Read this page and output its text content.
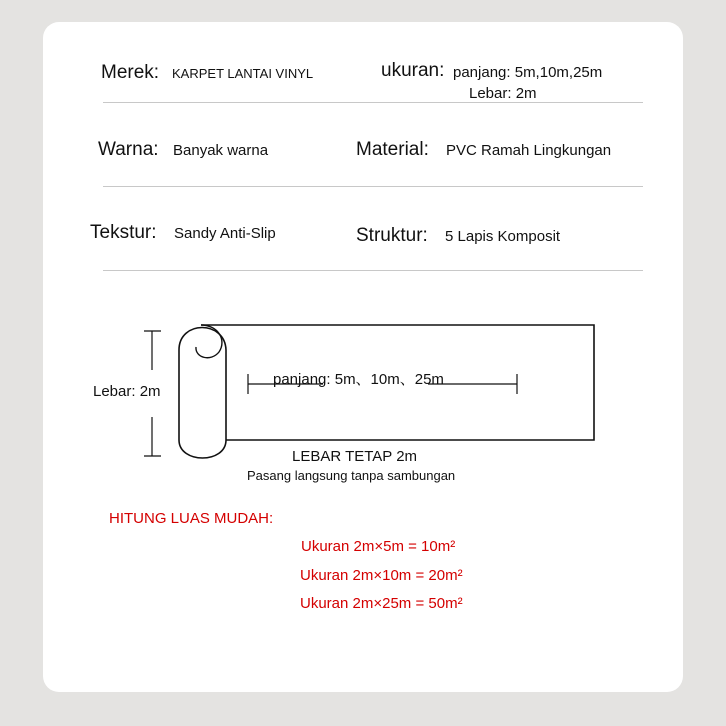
Merek: KARPET LANTAI VINYL	ukuran: panjang: 5m,10m,25m
Lebar: 2m
Warna: Banyak warna	Material: PVC Ramah Lingkungan
Tekstur: Sandy Anti-Slip	Struktur: 5 Lapis Komposit
Lebar: 2m
panjang: 5m、10m、25m
LEBAR TETAP 2m
Pasang langsung tanpa sambungan
HITUNG LUAS MUDAH:
Ukuran 2m×5m = 10m²
Ukuran 2m×10m = 20m²
Ukuran 2m×25m = 50m²
